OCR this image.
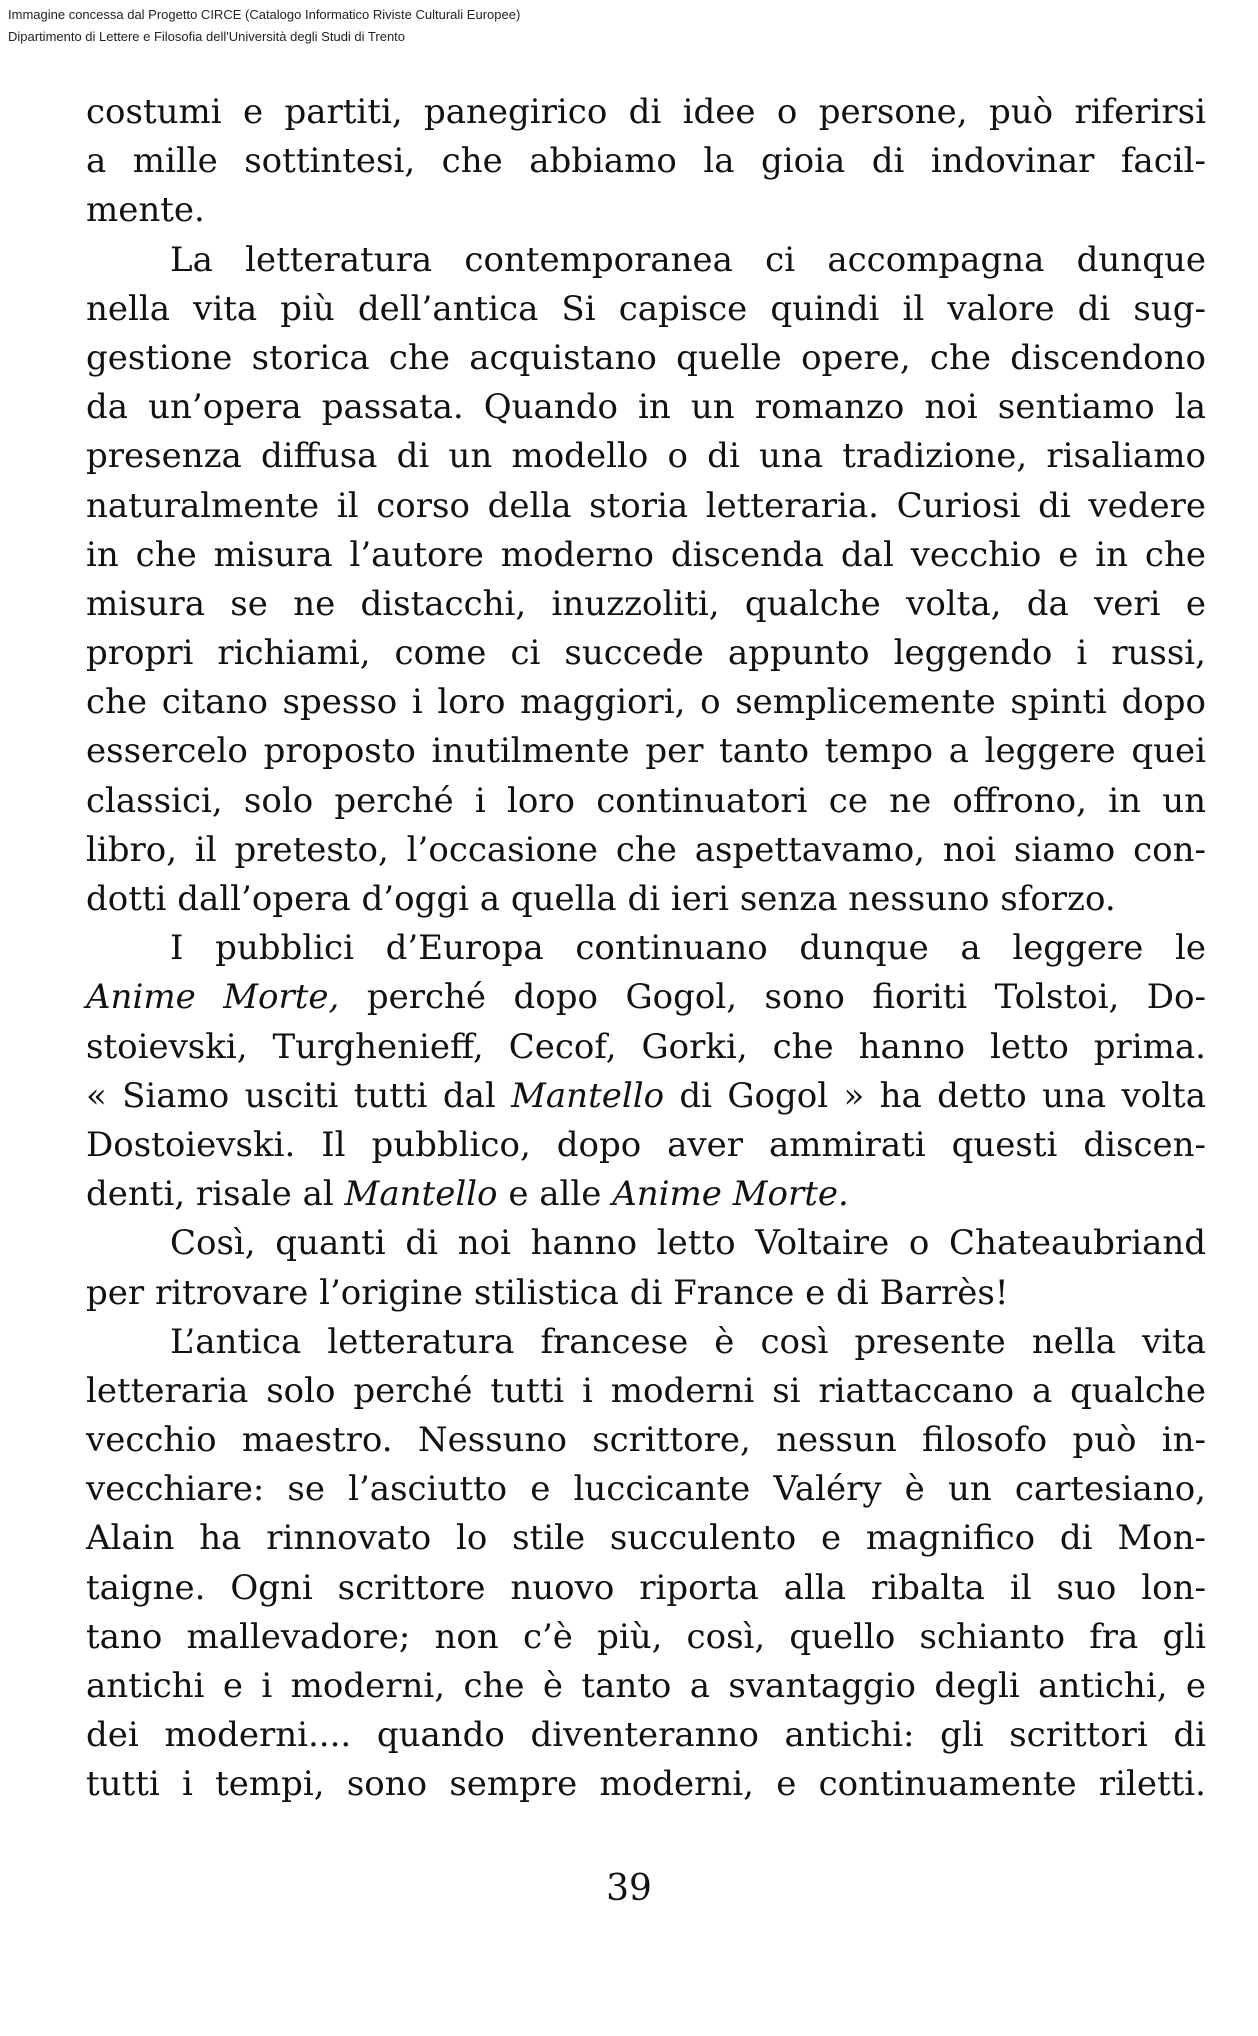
Immagine concessa dal Progetto CIRCE (Catalogo Informatico Riviste Culturali Europee)
Dipartimento di Lettere e Filosofia dell'Università degli Studi di Trento
costumi e partiti, panegirico di idee o persone, può riferirsi
a mille sottintesi, che abbiamo la gioia di indovinar facil-
mente.
La letteratura contemporanea ci accompagna dunque
nella vita più dell’antica Si capisce quindi il valore di sug-
gestione storica che acquistano quelle opere, che discendono
da un’opera passata. Quando in un romanzo noi sentiamo la
presenza diffusa di un modello o di una tradizione, risaliamo
naturalmente il corso della storia letteraria. Curiosi di vedere
in che misura l’autore moderno discenda dal vecchio e in che
misura se ne distacchi, inuzzoliti, qualche volta, da veri e
propri richiami, come ci succede appunto leggendo i russi,
che citano spesso i loro maggiori, o semplicemente spinti dopo
essercelo proposto inutilmente per tanto tempo a leggere quei
classici, solo perché i loro continuatori ce ne offrono, in un
libro, il pretesto, l’occasione che aspettavamo, noi siamo con-
dotti dall’opera d’oggi a quella di ieri senza nessuno sforzo.
I pubblici d’Europa continuano dunque a leggere le
Anime Morte, perché dopo Gogol, sono fioriti Tolstoi, Do-
stoievski, Turghenieff, Cecof, Gorki, che hanno letto prima.
« Siamo usciti tutti dal Mantello di Gogol » ha detto una volta
Dostoievski. Il pubblico, dopo aver ammirati questi discen-
denti, risale al Mantello e alle Anime Morte.
Così, quanti di noi hanno letto Voltaire o Chateaubriand
per ritrovare l’origine stilistica di France e di Barrès!
L’antica letteratura francese è così presente nella vita
letteraria solo perché tutti i moderni si riattaccano a qualche
vecchio maestro. Nessuno scrittore, nessun filosofo può in-
vecchiare: se l’asciutto e luccicante Valéry è un cartesiano,
Alain ha rinnovato lo stile succulento e magnifico di Mon-
taigne. Ogni scrittore nuovo riporta alla ribalta il suo lon-
tano mallevadore; non c’è più, così, quello schianto fra gli
antichi e i moderni, che è tanto a svantaggio degli antichi, e
dei moderni.... quando diventeranno antichi: gli scrittori di
tutti i tempi, sono sempre moderni, e continuamente riletti.
39
